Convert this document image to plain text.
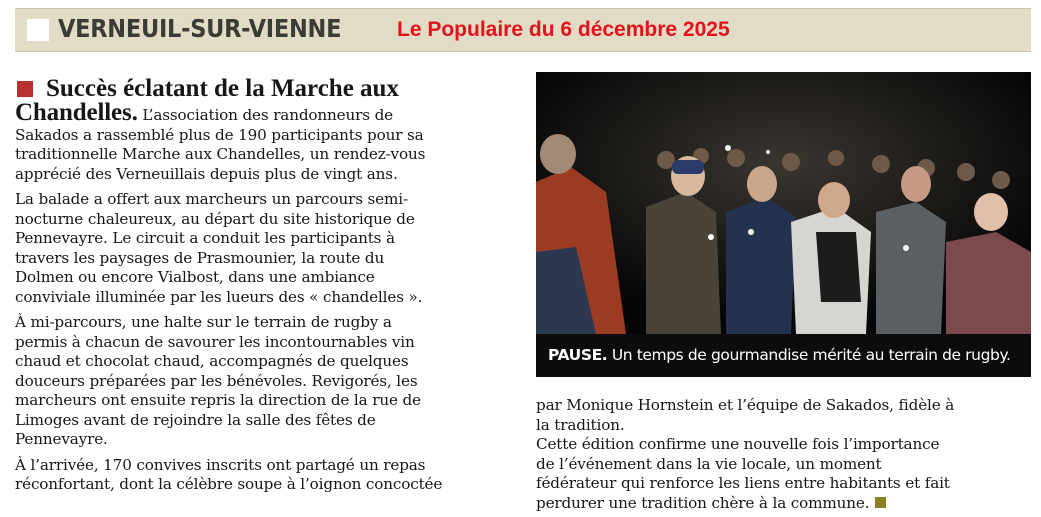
VERNEUIL-SUR-VIENNE	Le Populaire du 6 décembre 2025
Succès éclatant de la Marche aux

Chandelles. L’association des randonneurs de
Sakados a rassemblé plus de 190 participants pour sa
traditionnelle Marche aux Chandelles, un rendez-vous
apprécié des Verneuillais depuis plus de vingt ans.

La balade a offert aux marcheurs un parcours semi-
nocturne chaleureux, au départ du site historique de
Pennevayre. Le circuit a conduit les participants à
travers les paysages de Prasmounier, la route du
Dolmen ou encore Vialbost, dans une ambiance
conviviale illuminée par les lueurs des « chandelles ».

À mi-parcours, une halte sur le terrain de rugby a
permis à chacun de savourer les incontournables vin
chaud et chocolat chaud, accompagnés de quelques
douceurs préparées par les bénévoles. Revigorés, les
marcheurs ont ensuite repris la direction de la rue de
Limoges avant de rejoindre la salle des fêtes de
Pennevayre.

À l’arrivée, 170 convives inscrits ont partagé un repas
réconfortant, dont la célèbre soupe à l’oignon concoctée

PAUSE. Un temps de gourmandise mérité au terrain de rugby.

par Monique Hornstein et l’équipe de Sakados, fidèle à
la tradition.
Cette édition confirme une nouvelle fois l’importance
de l’événement dans la vie locale, un moment
fédérateur qui renforce les liens entre habitants et fait
perdurer une tradition chère à la commune.
